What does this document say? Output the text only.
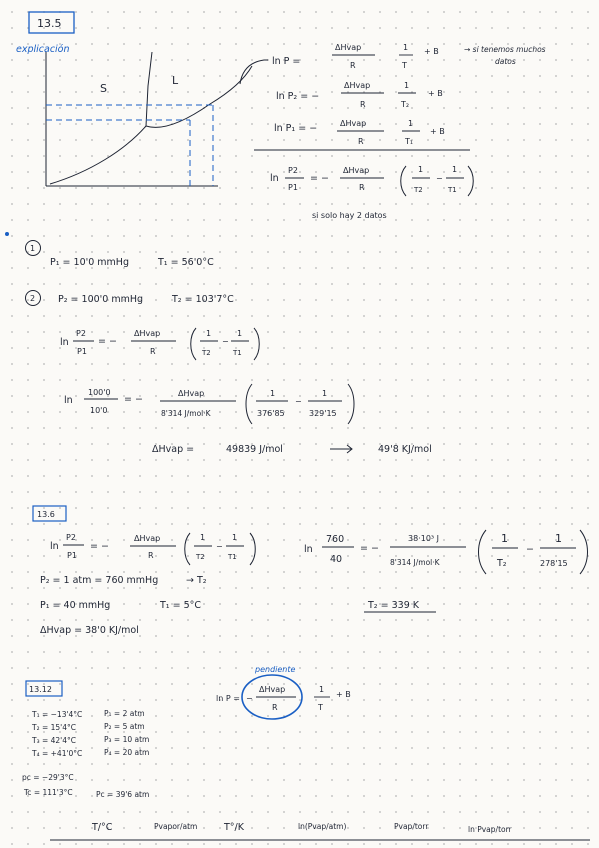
13.5
explicación
S
L
ln P =
ΔHvap
R
1
T
+ B	→ si tenemos muchos
datos
ln P₂ = −
ΔHvap
R
1
T₂
+ B
ln P₁ = −	ΔHvap
R
1
T₁
+ B
ln
P2
P1
= −
ΔHvap
R
1
T2
−
1
T1
si solo hay 2 datos
1
P₁ = 10'0 mmHg	T₁ = 56'0°C
2 P₂ = 100'0 mmHg	T₂ = 103'7°C
ln
P2
P1
= −
ΔHvap
R
1
T2
−
1
T1
ln
100'0
10'0
= −
ΔHvap
8'314 J/mol·K
1
376'85
−
1
329'15
ΔHvap =	49839 J/mol	49'8 KJ/mol
13.6
ln
P2
P1
= −
ΔHvap
R
1
T2
−
1
T1
P₂ = 1 atm = 760 mmHg	→ T₂
P₁ = 40 mmHg	T₁ = 5°C
ΔHvap = 38'0 KJ/mol
ln
760
40
= −
38·10³ J
8'314 J/mol·K
1
T₂
−
1
278'15
T₂ = 339 K
13.12
pendiente
ln P = −
ΔHvap
R
1
T
+ B
T₁ = −13'4°C
T₂ = 15'4°C
T₃ = 42'4°C
T₄ = +41'0°C
P₁ = 2 atm
P₂ = 5 atm
P₃ = 10 atm
P₄ = 20 atm
pc = −29'3°C
Tc = 111'3°C	Pc = 39'6 atm
T/°C	Pvapor/atm	T°/K	ln(Pvap/atm)	Pvap/torr	ln Pvap/torr
